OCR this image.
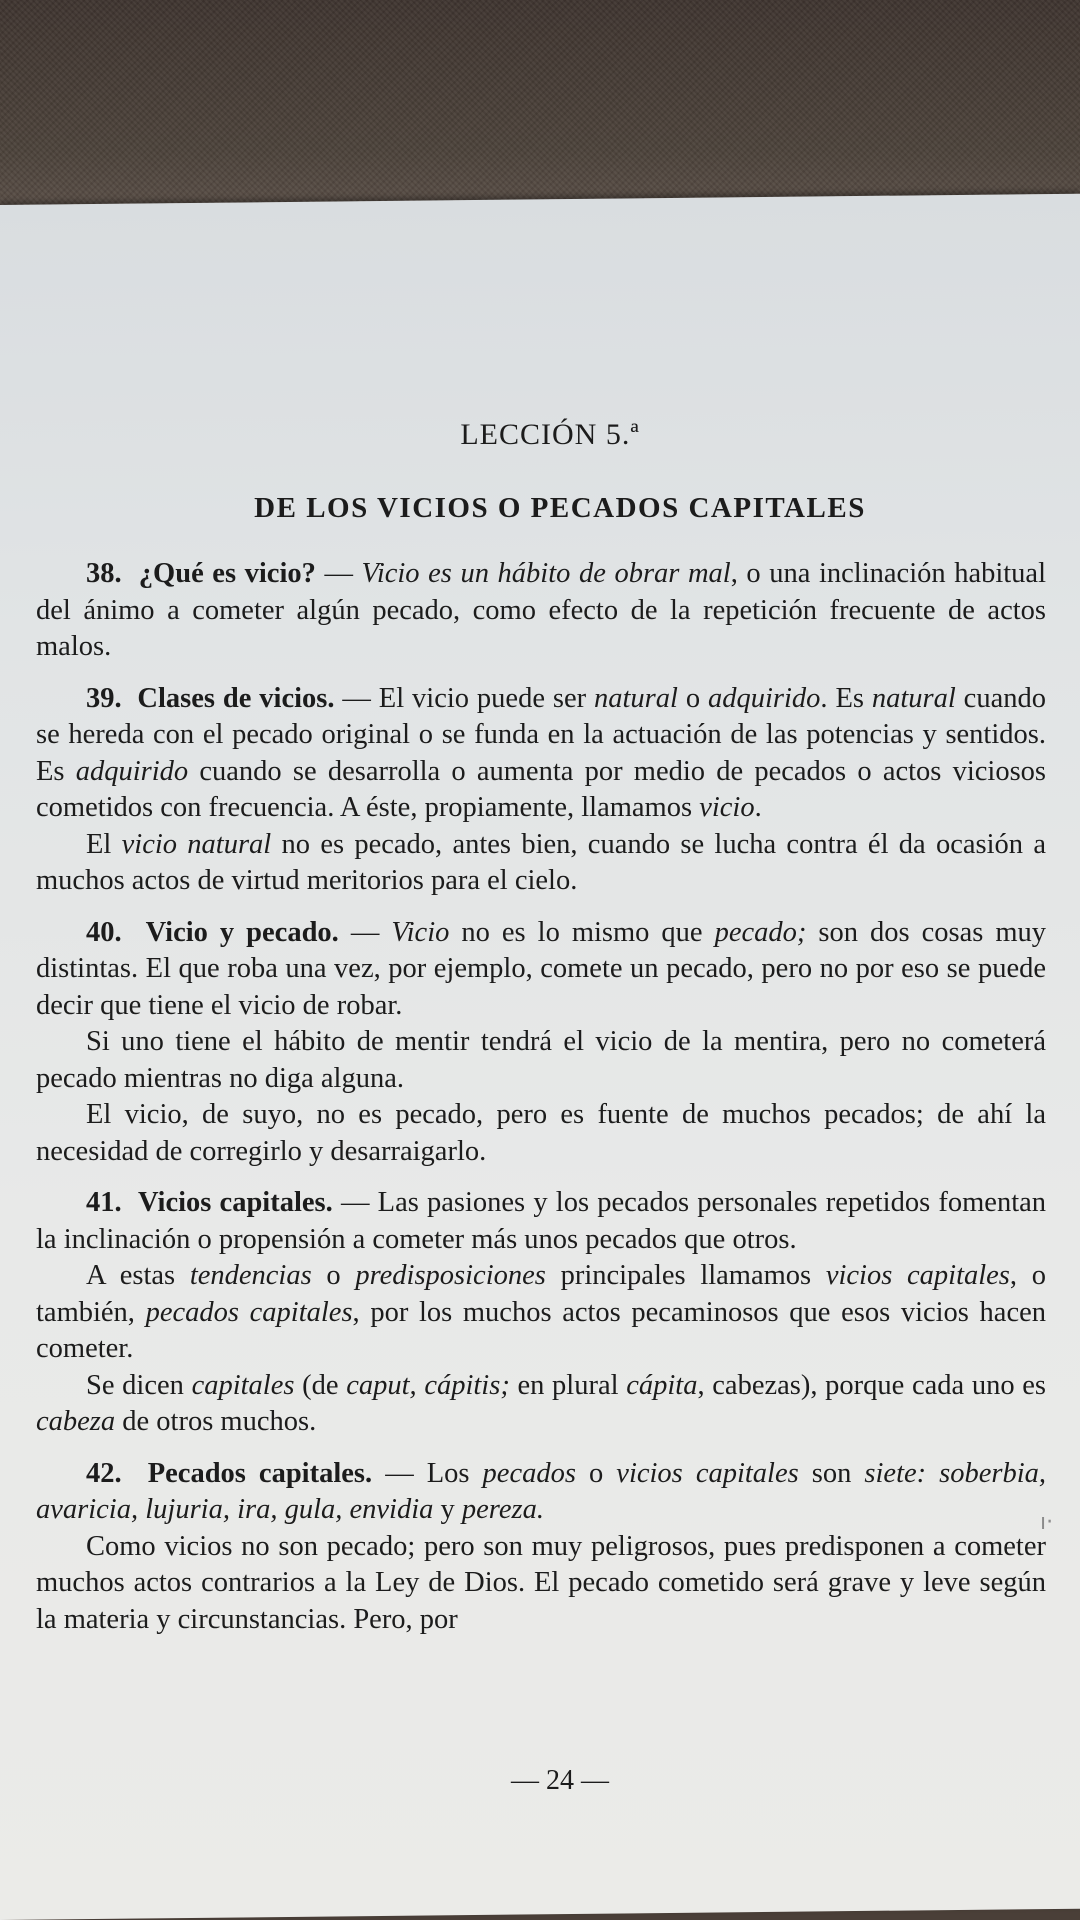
LECCIÓN 5.ª
DE LOS VICIOS O PECADOS CAPITALES

38. ¿Qué es vicio? — Vicio es un hábito de obrar mal, o una inclinación habitual del ánimo a cometer algún pecado, como efecto de la repetición frecuente de actos malos.

39. Clases de vicios. — El vicio puede ser natural o adquirido. Es natural cuando se hereda con el pecado original o se funda en la actuación de las potencias y sentidos. Es adquirido cuando se desarrolla o aumenta por medio de pecados o actos viciosos cometidos con frecuencia. A éste, propiamente, llamamos vicio.

El vicio natural no es pecado, antes bien, cuando se lucha contra él da ocasión a muchos actos de virtud meritorios para el cielo.

40. Vicio y pecado. — Vicio no es lo mismo que pecado; son dos cosas muy distintas. El que roba una vez, por ejemplo, comete un pecado, pero no por eso se puede decir que tiene el vicio de robar.

Si uno tiene el hábito de mentir tendrá el vicio de la mentira, pero no cometerá pecado mientras no diga alguna.

El vicio, de suyo, no es pecado, pero es fuente de muchos pecados; de ahí la necesidad de corregirlo y desarraigarlo.

41. Vicios capitales. — Las pasiones y los pecados personales repetidos fomentan la inclinación o propensión a cometer más unos pecados que otros.

A estas tendencias o predisposiciones principales llamamos vicios capitales, o también, pecados capitales, por los muchos actos pecaminosos que esos vicios hacen cometer.

Se dicen capitales (de caput, cápitis; en plural cápita, cabezas), porque cada uno es cabeza de otros muchos.

42. Pecados capitales. — Los pecados o vicios capitales son siete: soberbia, avaricia, lujuria, ira, gula, envidia y pereza.

Como vicios no son pecado; pero son muy peligrosos, pues predisponen a cometer muchos actos contrarios a la Ley de Dios. El pecado cometido será grave y leve según la materia y circunstancias. Pero, por

— 24 —
ı·
